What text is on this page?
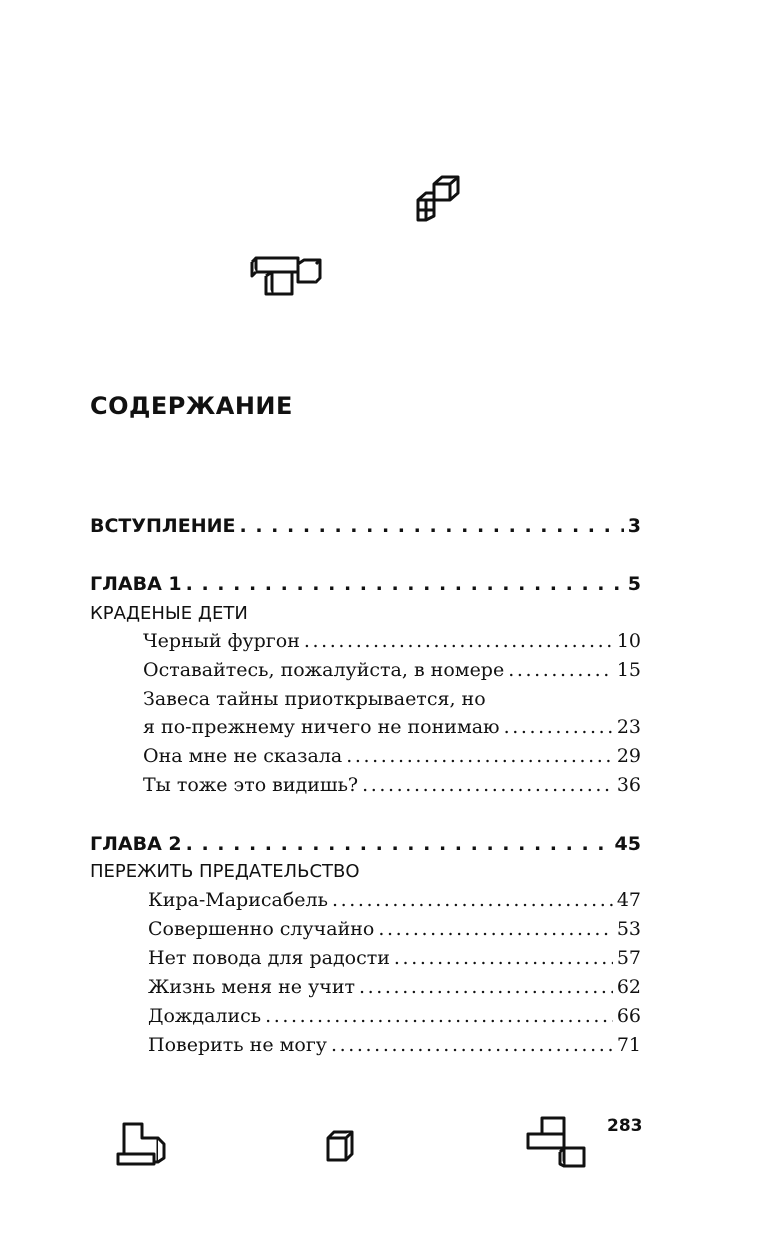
СОДЕРЖАНИЕ
ВСТУПЛЕНИЕ . . .	3
ГЛАВА 1 . . .	5
КРАДЕНЫЕ ДЕТИ
Черный фургон .....	10
Оставайтесь, пожалуйста, в номере .....	15
Завеса тайны приоткрывается, но
я по-прежнему ничего не понимаю .....	23
Она мне не сказала .....	29
Ты тоже это видишь? .....	36
ГЛАВА 2 . . .	45
ПЕРЕЖИТЬ ПРЕДАТЕЛЬСТВО
Кира-Марисабель .....	47
Совершенно случайно .....	53
Нет повода для радости .....	57
Жизнь меня не учит .....	62
Дождались .....	66
Поверить не могу .....	71
283
